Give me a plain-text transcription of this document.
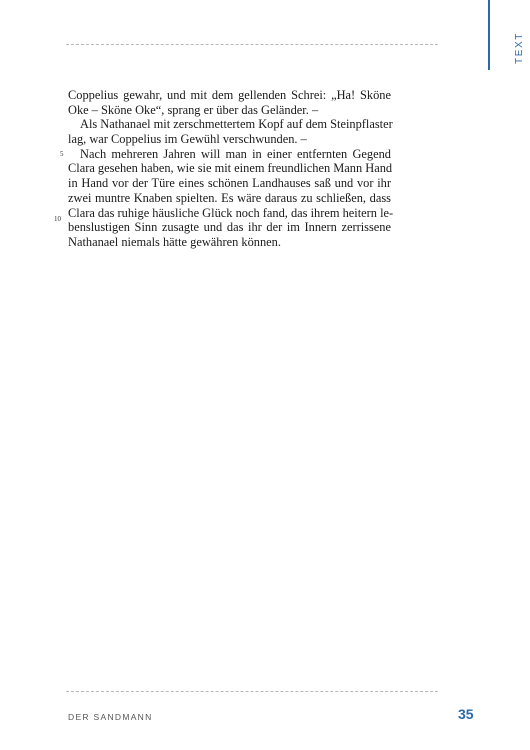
TEXT
5
10
Coppelius gewahr, und mit dem gellenden Schrei: „Ha! Sköne
Oke – Sköne Oke“, sprang er über das Geländer. –
Als Nathanael mit zerschmettertem Kopf auf dem Steinpflaster
lag, war Coppelius im Gewühl verschwunden. –
Nach mehreren Jahren will man in einer entfernten Gegend
Clara gesehen haben, wie sie mit einem freundlichen Mann Hand
in Hand vor der Türe eines schönen Landhauses saß und vor ihr
zwei muntre Knaben spielten. Es wäre daraus zu schließen, dass
Clara das ruhige häusliche Glück noch fand, das ihrem heitern le-
benslustigen Sinn zusagte und das ihr der im Innern zerrissene
Nathanael niemals hätte gewähren können.
DER SANDMANN	35
